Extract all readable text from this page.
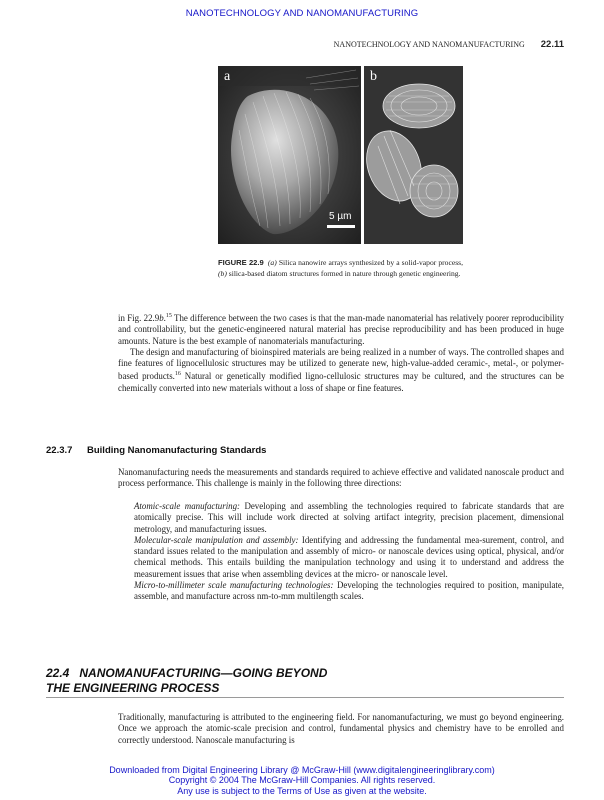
NANOTECHNOLOGY AND NANOMANUFACTURING
NANOTECHNOLOGY AND NANOMANUFACTURING 22.11
a
5 µm
b
FIGURE 22.9 (a) Silica nanowire arrays synthesized by a solid-vapor process, (b) silica-based diatom structures formed in nature through genetic engineering.

in Fig. 22.9b.$^{15}$ The difference between the two cases is that the man-made nanomaterial has relatively poorer reproducibility and controllability, but the genetic-engineered natural material has precise reproducibility and has been produced in huge amounts. Nature is the best example of nanomaterials manufacturing.

The design and manufacturing of bioinspired materials are being realized in a number of ways. The controlled shapes and fine features of lignocellulosic structures may be utilized to generate new, high-value-added ceramic-, metal-, or polymer-based products.$^{16}$ Natural or genetically modified ligno-cellulosic structures may be cultured, and the structures can be chemically converted into new materials without a loss of shape or fine features.

22.3.7 Building Nanomanufacturing Standards
Nanomanufacturing needs the measurements and standards required to achieve effective and validated nanoscale product and process performance. This challenge is mainly in the following three directions:

Atomic-scale manufacturing: Developing and assembling the technologies required to fabricate standards that are atomically precise. This will include work directed at solving artifact integrity, precision placement, dimensional metrology, and manufacturing issues.

Molecular-scale manipulation and assembly: Identifying and addressing the fundamental mea-surement, control, and standard issues related to the manipulation and assembly of micro- or nanoscale devices using optical, physical, and/or chemical methods. This entails building the manipulation technology and using it to understand and address the measurement issues that arise when assembling devices at the micro- or nanoscale level.

Micro-to-millimeter scale manufacturing technologies: Developing the technologies required to position, manipulate, assemble, and manufacture across nm-to-mm multilength scales.

22.4   NANOMANUFACTURING—GOING BEYOND
THE ENGINEERING PROCESS
Traditionally, manufacturing is attributed to the engineering field. For nanomanufacturing, we must go beyond engineering. Once we approach the atomic-scale precision and control, fundamental physics and chemistry have to be enrolled and correctly understood. Nanoscale manufacturing is
Downloaded from Digital Engineering Library @ McGraw-Hill (www.digitalengineeringlibrary.com)
Copyright © 2004 The McGraw-Hill Companies. All rights reserved.
Any use is subject to the Terms of Use as given at the website.
